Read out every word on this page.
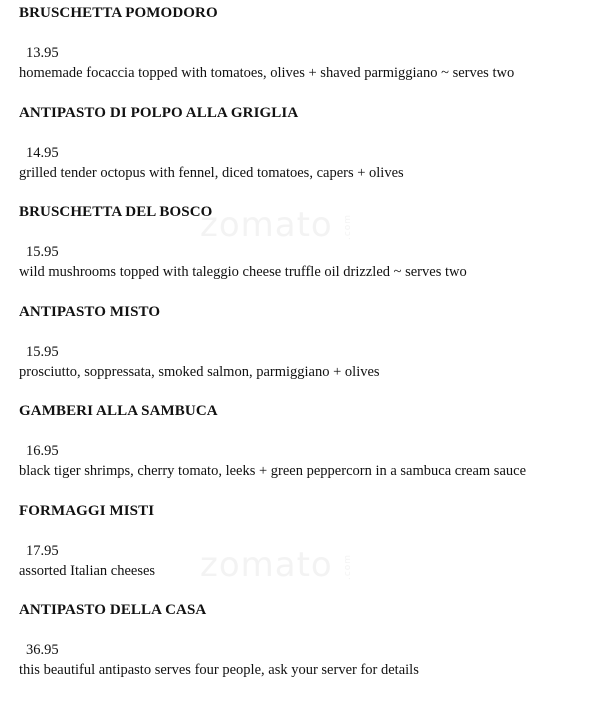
BRUSCHETTA POMODORO
13.95
homemade focaccia topped with tomatoes, olives + shaved parmiggiano ~ serves two
ANTIPASTO DI POLPO ALLA GRIGLIA
14.95
grilled tender octopus with fennel, diced tomatoes, capers + olives
BRUSCHETTA DEL BOSCO
15.95
wild mushrooms topped with taleggio cheese truffle oil drizzled ~ serves two
ANTIPASTO MISTO
15.95
prosciutto, soppressata, smoked salmon, parmiggiano + olives
GAMBERI ALLA SAMBUCA
16.95
black tiger shrimps, cherry tomato, leeks + green peppercorn in a sambuca cream sauce
FORMAGGI MISTI
17.95
assorted Italian cheeses
ANTIPASTO DELLA CASA
36.95
this beautiful antipasto serves four people, ask your server for details
zomato .com
zomato .com
